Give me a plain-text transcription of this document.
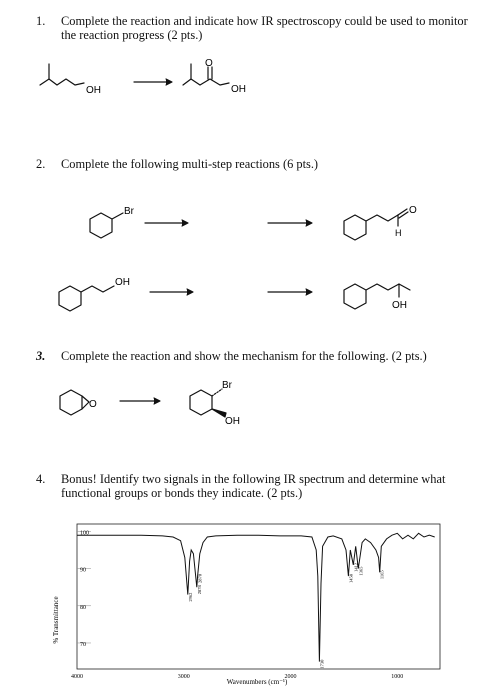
1. Complete the reaction and indicate how IR spectroscopy could be used to monitor the reaction progress (2 pts.)
2. Complete the following multi-step reactions (6 pts.)
3. Complete the reaction and show the mechanism for the following. (2 pts.)
4. Bonus! Identify two signals in the following IR spectrum and determine what functional groups or bonds they indicate. (2 pts.)
OH
O
OH
Br	O
H
OH
OH
O
Br
OH
100
90
80
70
4000	3000	2000	1000
% Transmittance
Wavenumbers (cm⁻¹)
2962
2878
2870
1730
1458
1412 1365	1165
